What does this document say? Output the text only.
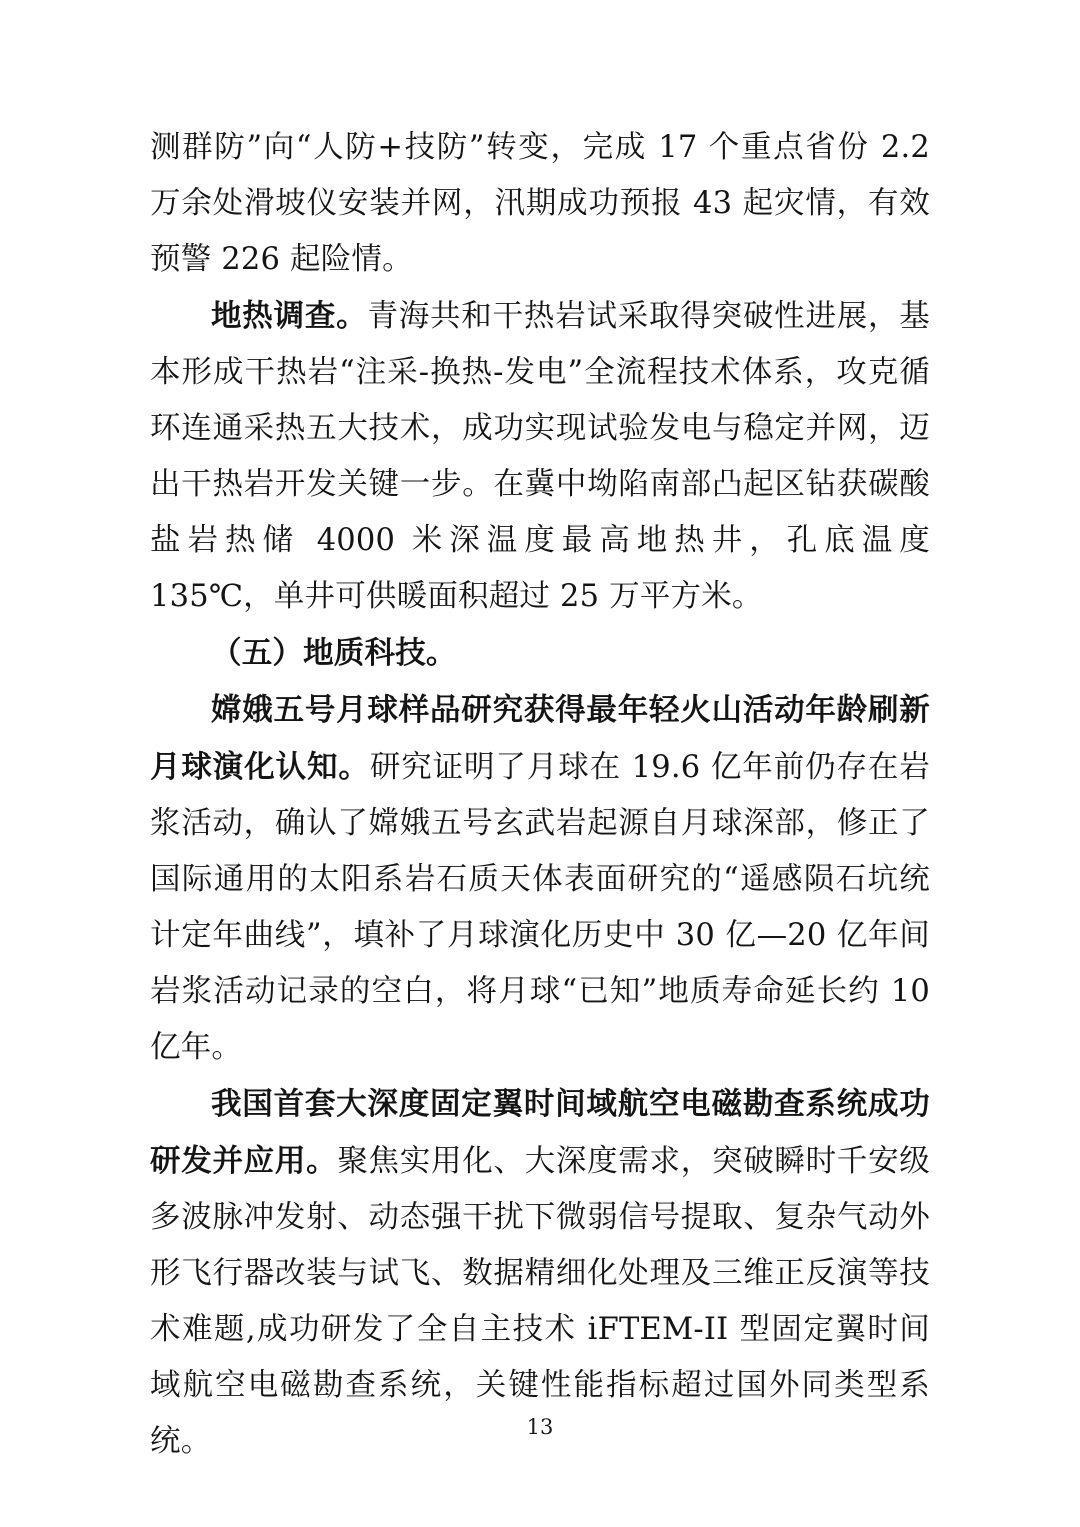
测群防”向“人防+技防”转变，完成 17 个重点省份 2.2 万余处滑坡仪安装并网，汛期成功预报 43 起灾情，有效预警 226 起险情。

地热调查。青海共和干热岩试采取得突破性进展，基本形成干热岩“注采-换热-发电”全流程技术体系，攻克循环连通采热五大技术，成功实现试验发电与稳定并网，迈出干热岩开发关键一步。在冀中坳陷南部凸起区钻获碳酸盐岩热储 4000 米深温度最高地热井，孔底温度 135℃，单井可供暖面积超过 25 万平方米。

（五）地质科技。

嫦娥五号月球样品研究获得最年轻火山活动年龄刷新月球演化认知。研究证明了月球在 19.6 亿年前仍存在岩浆活动，确认了嫦娥五号玄武岩起源自月球深部，修正了国际通用的太阳系岩石质天体表面研究的“遥感陨石坑统计定年曲线”，填补了月球演化历史中 30 亿—20 亿年间岩浆活动记录的空白，将月球“已知”地质寿命延长约 10 亿年。

我国首套大深度固定翼时间域航空电磁勘查系统成功研发并应用。聚焦实用化、大深度需求，突破瞬时千安级多波脉冲发射、动态强干扰下微弱信号提取、复杂气动外形飞行器改装与试飞、数据精细化处理及三维正反演等技术难题,成功研发了全自主技术 iFTEM-II 型固定翼时间域航空电磁勘查系统，关键性能指标超过国外同类型系统。	13
